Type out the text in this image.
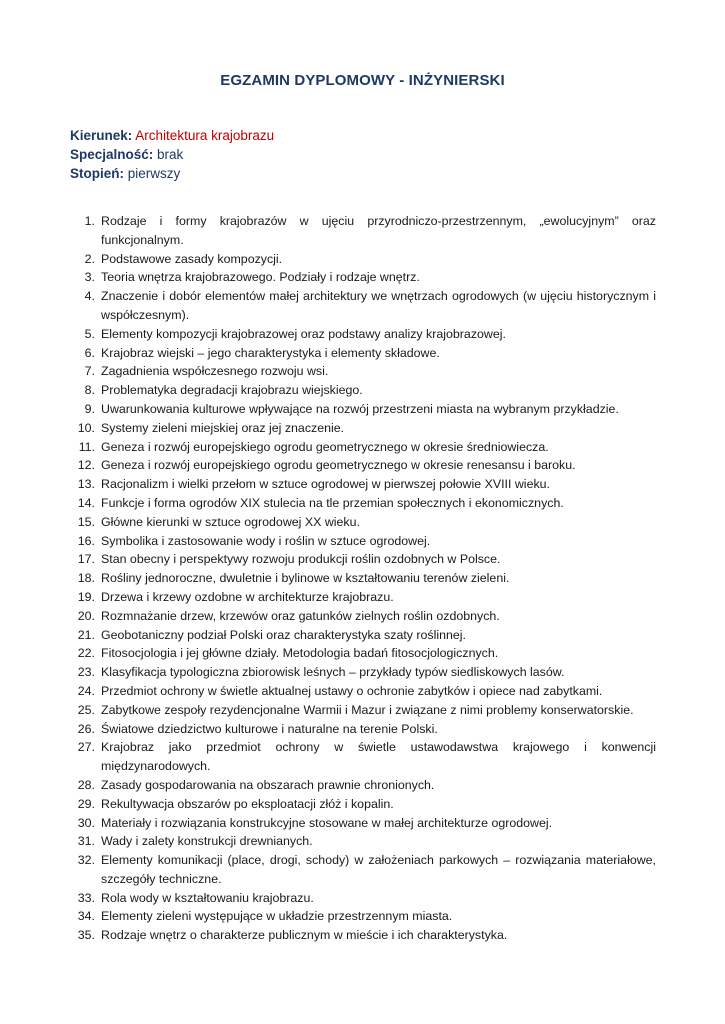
EGZAMIN DYPLOMOWY - INŻYNIERSKI
Kierunek: Architektura krajobrazu
Specjalność: brak
Stopień: pierwszy
1. Rodzaje i formy krajobrazów w ujęciu przyrodniczo-przestrzennym, „ewolucyjnym” oraz funkcjonalnym.
2. Podstawowe zasady kompozycji.
3. Teoria wnętrza krajobrazowego. Podziały i rodzaje wnętrz.
4. Znaczenie i dobór elementów małej architektury we wnętrzach ogrodowych (w ujęciu historycznym i współczesnym).
5. Elementy kompozycji krajobrazowej oraz podstawy analizy krajobrazowej.
6. Krajobraz wiejski – jego charakterystyka i elementy składowe.
7. Zagadnienia współczesnego rozwoju wsi.
8. Problematyka degradacji krajobrazu wiejskiego.
9. Uwarunkowania kulturowe wpływające na rozwój przestrzeni miasta na wybranym przykładzie.
10. Systemy zieleni miejskiej oraz jej znaczenie.
11. Geneza i rozwój europejskiego ogrodu geometrycznego w okresie średniowiecza.
12. Geneza i rozwój europejskiego ogrodu geometrycznego w okresie renesansu i baroku.
13. Racjonalizm i wielki przełom w sztuce ogrodowej w pierwszej połowie XVIII wieku.
14. Funkcje i forma ogrodów XIX stulecia na tle przemian społecznych i ekonomicznych.
15. Główne kierunki w sztuce ogrodowej XX wieku.
16. Symbolika i zastosowanie wody i roślin w sztuce ogrodowej.
17. Stan obecny i perspektywy rozwoju produkcji roślin ozdobnych w Polsce.
18. Rośliny jednoroczne, dwuletnie i bylinowe w kształtowaniu terenów zieleni.
19. Drzewa i krzewy ozdobne w architekturze krajobrazu.
20. Rozmnażanie drzew, krzewów oraz gatunków zielnych roślin ozdobnych.
21. Geobotaniczny podział Polski oraz charakterystyka szaty roślinnej.
22. Fitosocjologia i jej główne działy. Metodologia badań fitosocjologicznych.
23. Klasyfikacja typologiczna zbiorowisk leśnych – przykłady typów siedliskowych lasów.
24. Przedmiot ochrony w świetle aktualnej ustawy o ochronie zabytków i opiece nad zabytkami.
25. Zabytkowe zespoły rezydencjonalne Warmii i Mazur i związane z nimi problemy konserwatorskie.
26. Światowe dziedzictwo kulturowe i naturalne na terenie Polski.
27. Krajobraz jako przedmiot ochrony w świetle ustawodawstwa krajowego i konwencji międzynarodowych.
28. Zasady gospodarowania na obszarach prawnie chronionych.
29. Rekultywacja obszarów po eksploatacji złóż i kopalin.
30. Materiały i rozwiązania konstrukcyjne stosowane w małej architekturze ogrodowej.
31. Wady i zalety konstrukcji drewnianych.
32. Elementy komunikacji (place, drogi, schody) w założeniach parkowych – rozwiązania materiałowe, szczegóły techniczne.
33. Rola wody w kształtowaniu krajobrazu.
34. Elementy zieleni występujące w układzie przestrzennym miasta.
35. Rodzaje wnętrz o charakterze publicznym w mieście i ich charakterystyka.
